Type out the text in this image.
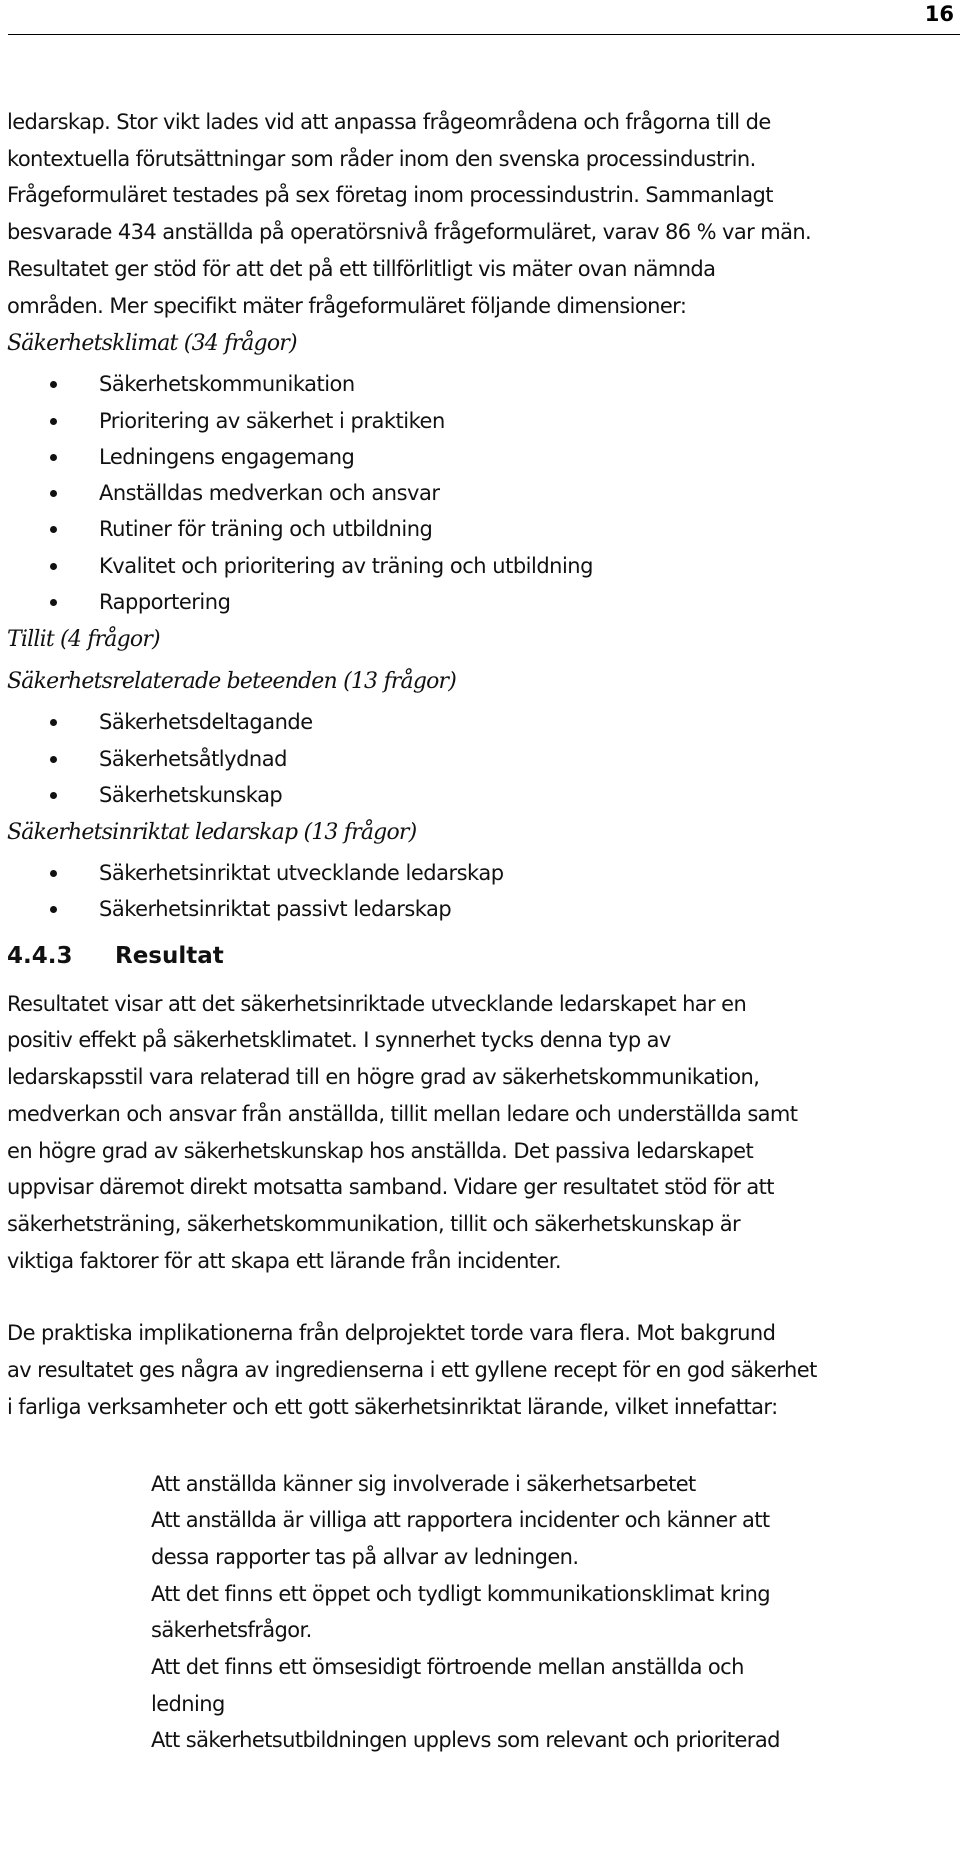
16

ledarskap. Stor vikt lades vid att anpassa frågeområdena och frågorna till de
kontextuella förutsättningar som råder inom den svenska processindustrin.
Frågeformuläret testades på sex företag inom processindustrin. Sammanlagt
besvarade 434 anställda på operatörsnivå frågeformuläret, varav 86 % var män.
Resultatet ger stöd för att det på ett tillförlitligt vis mäter ovan nämnda
områden. Mer specifikt mäter frågeformuläret följande dimensioner:

Säkerhetsklimat (34 frågor)
Säkerhetskommunikation
Prioritering av säkerhet i praktiken
Ledningens engagemang
Anställdas medverkan och ansvar
Rutiner för träning och utbildning
Kvalitet och prioritering av träning och utbildning
Rapportering
Tillit (4 frågor)
Säkerhetsrelaterade beteenden (13 frågor)
Säkerhetsdeltagande
Säkerhetsåtlydnad
Säkerhetskunskap
Säkerhetsinriktat ledarskap (13 frågor)
Säkerhetsinriktat utvecklande ledarskap
Säkerhetsinriktat passivt ledarskap
4.4.3	Resultat

Resultatet visar att det säkerhetsinriktade utvecklande ledarskapet har en
positiv effekt på säkerhetsklimatet. I synnerhet tycks denna typ av
ledarskapsstil vara relaterad till en högre grad av säkerhetskommunikation,
medverkan och ansvar från anställda, tillit mellan ledare och underställda samt
en högre grad av säkerhetskunskap hos anställda. Det passiva ledarskapet
uppvisar däremot direkt motsatta samband. Vidare ger resultatet stöd för att
säkerhetsträning, säkerhetskommunikation, tillit och säkerhetskunskap är
viktiga faktorer för att skapa ett lärande från incidenter.

De praktiska implikationerna från delprojektet torde vara flera. Mot bakgrund
av resultatet ges några av ingredienserna i ett gyllene recept för en god säkerhet
i farliga verksamheter och ett gott säkerhetsinriktat lärande, vilket innefattar:

Att anställda känner sig involverade i säkerhetsarbetet
Att anställda är villiga att rapportera incidenter och känner att
dessa rapporter tas på allvar av ledningen.
Att det finns ett öppet och tydligt kommunikationsklimat kring
säkerhetsfrågor.
Att det finns ett ömsesidigt förtroende mellan anställda och
ledning
Att säkerhetsutbildningen upplevs som relevant och prioriterad
